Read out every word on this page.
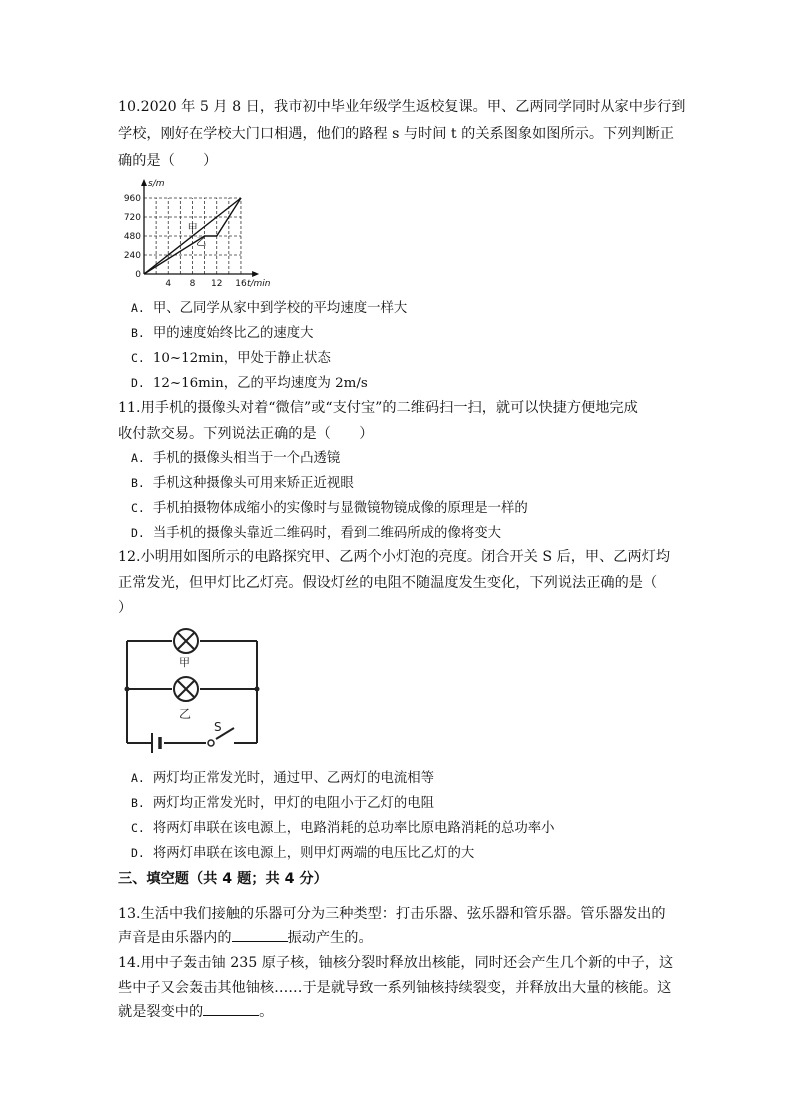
10.2020 年 5 月 8 日，我市初中毕业年级学生返校复课。甲、乙两同学同时从家中步行到
学校，刚好在学校大门口相遇，他们的路程 s 与时间 t 的关系图象如图所示。下列判断正
确的是（　　）
s/m
t/min
960
720
480
240
0
4 8 12 16
甲
乙
A. 甲、乙同学从家中到学校的平均速度一样大
B. 甲的速度始终比乙的速度大
C. 10~12min，甲处于静止状态
D. 12~16min，乙的平均速度为 2m/s
11.用手机的摄像头对着“微信”或“支付宝”的二维码扫一扫，就可以快捷方便地完成
收付款交易。下列说法正确的是（　　）
A. 手机的摄像头相当于一个凸透镜
B. 手机这种摄像头可用来矫正近视眼
C. 手机拍摄物体成缩小的实像时与显微镜物镜成像的原理是一样的
D. 当手机的摄像头靠近二维码时，看到二维码所成的像将变大
12.小明用如图所示的电路探究甲、乙两个小灯泡的亮度。闭合开关 S 后，甲、乙两灯均
正常发光，但甲灯比乙灯亮。假设灯丝的电阻不随温度发生变化，下列说法正确的是（
）
甲
乙
S
A. 两灯均正常发光时，通过甲、乙两灯的电流相等
B. 两灯均正常发光时，甲灯的电阻小于乙灯的电阻
C. 将两灯串联在该电源上，电路消耗的总功率比原电路消耗的总功率小
D. 将两灯串联在该电源上，则甲灯两端的电压比乙灯的大
三、填空题（共 4 题；共 4 分）
13.生活中我们接触的乐器可分为三种类型：打击乐器、弦乐器和管乐器。管乐器发出的
声音是由乐器内的	振动产生的。
14.用中子轰击铀 235 原子核，铀核分裂时释放出核能，同时还会产生几个新的中子，这
些中子又会轰击其他铀核……于是就导致一系列铀核持续裂变，并释放出大量的核能。这
就是裂变中的	。
